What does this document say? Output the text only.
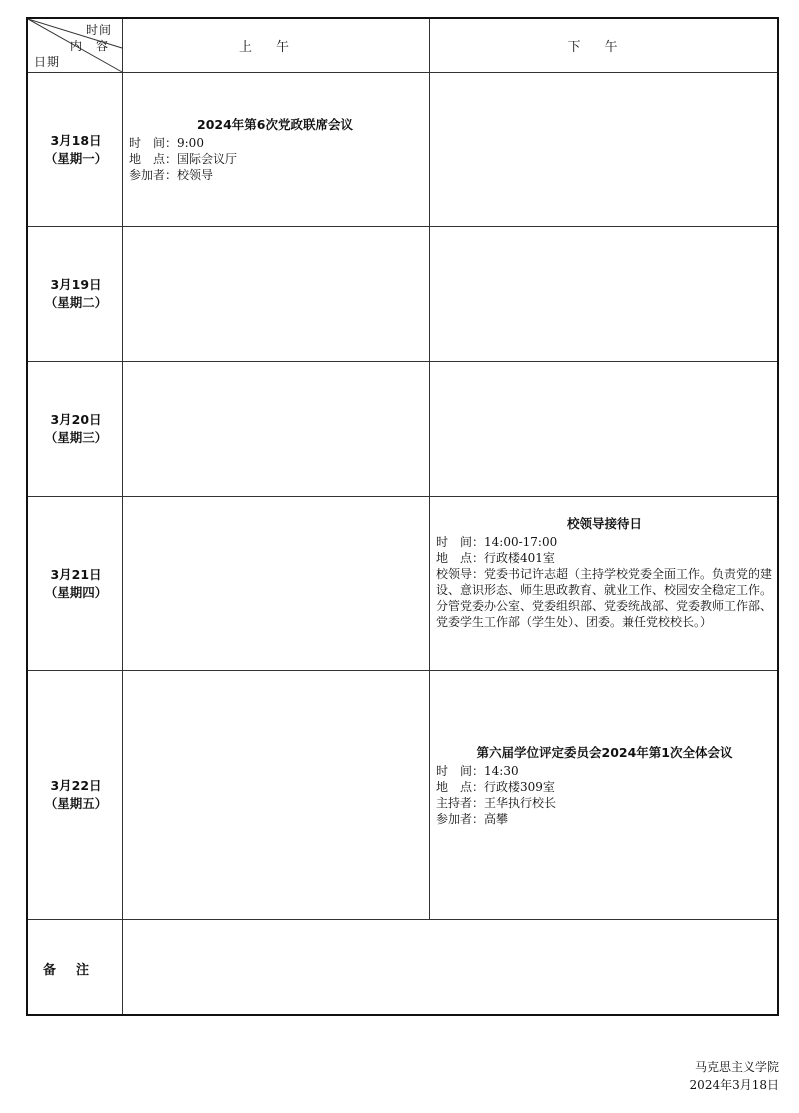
时间
内　容
日期
上午	下午
3月18日
（星期一）
3月19日
（星期二）
3月20日
（星期三）
3月21日
（星期四）
3月22日
（星期五）
2024年第6次党政联席会议
时　间：9:00
地　点：国际会议厅
参加者：校领导
校领导接待日
时　间：14:00-17:00
地　点：行政楼401室
校领导：党委书记许志超（主持学校党委全面工作。负责党的建设、意识形态、师生思政教育、就业工作、校园安全稳定工作。分管党委办公室、党委组织部、党委统战部、党委教师工作部、党委学生工作部（学生处）、团委。兼任党校校长。）
第六届学位评定委员会2024年第1次全体会议
时　间：14:30
地　点：行政楼309室
主持者：王华执行校长
参加者：高攀
备注
马克思主义学院
2024年3月18日
